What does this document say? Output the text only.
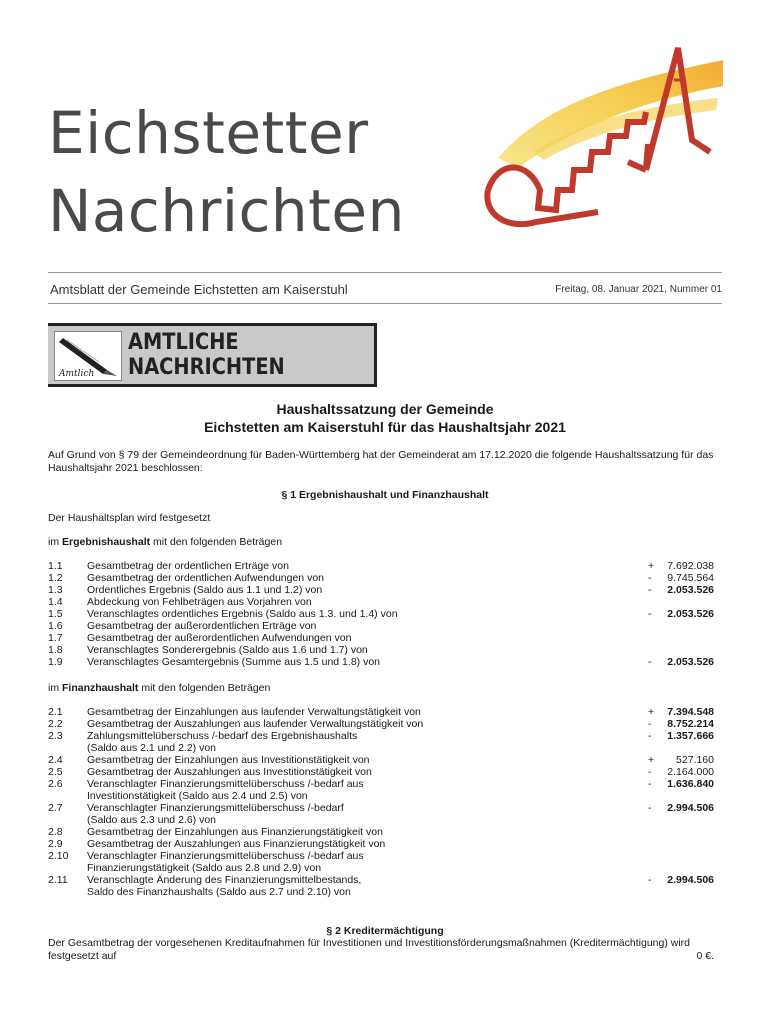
Eichstetter
Nachrichten
Amtsblatt der Gemeinde Eichstetten am Kaiserstuhl	Freitag, 08. Januar 2021, Nummer 01
Amtlich
AMTLICHE
NACHRICHTEN
Haushaltssatzung der Gemeinde
Eichstetten am Kaiserstuhl für das Haushaltsjahr 2021
Auf Grund von § 79 der Gemeindeordnung für Baden-Württemberg hat der Gemeinderat am 17.12.2020 die folgende Haushaltssatzung für das Haushaltsjahr 2021 beschlossen:
§ 1 Ergebnishaushalt und Finanzhaushalt
Der Haushaltsplan wird festgesetzt
im Ergebnishaushalt mit den folgenden Beträgen
1.1 Gesamtbetrag der ordentlichen Erträge von	+ 7.692.038
1.2 Gesamtbetrag der ordentlichen Aufwendungen von	- 9.745.564
1.3 Ordentliches Ergebnis (Saldo aus 1.1 und 1.2) von	- 2.053.526
1.4 Abdeckung von Fehlbeträgen aus Vorjahren von
1.5 Veranschlagtes ordentliches Ergebnis (Saldo aus 1.3. und 1.4) von	- 2.053.526
1.6 Gesamtbetrag der außerordentlichen Erträge von
1.7 Gesamtbetrag der außerordentlichen Aufwendungen von
1.8 Veranschlagtes Sonderergebnis (Saldo aus 1.6 und 1.7) von
1.9 Veranschlagtes Gesamtergebnis (Summe aus 1.5 und 1.8) von	- 2.053.526
im Finanzhaushalt mit den folgenden Beträgen
2.1 Gesamtbetrag der Einzahlungen aus laufender Verwaltungstätigkeit von	+ 7.394.548
2.2 Gesamtbetrag der Auszahlungen aus laufender Verwaltungstätigkeit von	- 8.752.214
2.3 Zahlungsmittelüberschuss /-bedarf des Ergebnishaushalts
(Saldo aus 2.1 und 2.2) von
- 1.357.666
2.4 Gesamtbetrag der Einzahlungen aus Investitionstätigkeit von	+ 527.160
2.5 Gesamtbetrag der Auszahlungen aus Investitionstätigkeit von	- 2.164.000
2.6 Veranschlagter Finanzierungsmittelüberschuss /-bedarf aus
Investitionstätigkeit (Saldo aus 2.4 und 2.5) von
- 1.636.840
2.7 Veranschlagter Finanzierungsmittelüberschuss /-bedarf
(Saldo aus 2.3 und 2.6) von
- 2.994.506
2.8 Gesamtbetrag der Einzahlungen aus Finanzierungstätigkeit von
2.9 Gesamtbetrag der Auszahlungen aus Finanzierungstätigkeit von
2.10 Veranschlagter Finanzierungsmittelüberschuss /-bedarf aus
Finanzierungstätigkeit (Saldo aus 2.8 und 2.9) von
2.11 Veranschlagte Änderung des Finanzierungsmittelbestands,
Saldo des Finanzhaushalts (Saldo aus 2.7 und 2.10) von
- 2.994.506
§ 2 Kreditermächtigung
Der Gesamtbetrag der vorgesehenen Kreditaufnahmen für Investitionen und Investitionsförderungsmaßnahmen (Kreditermächtigung) wird festgesetzt auf	0 €.
